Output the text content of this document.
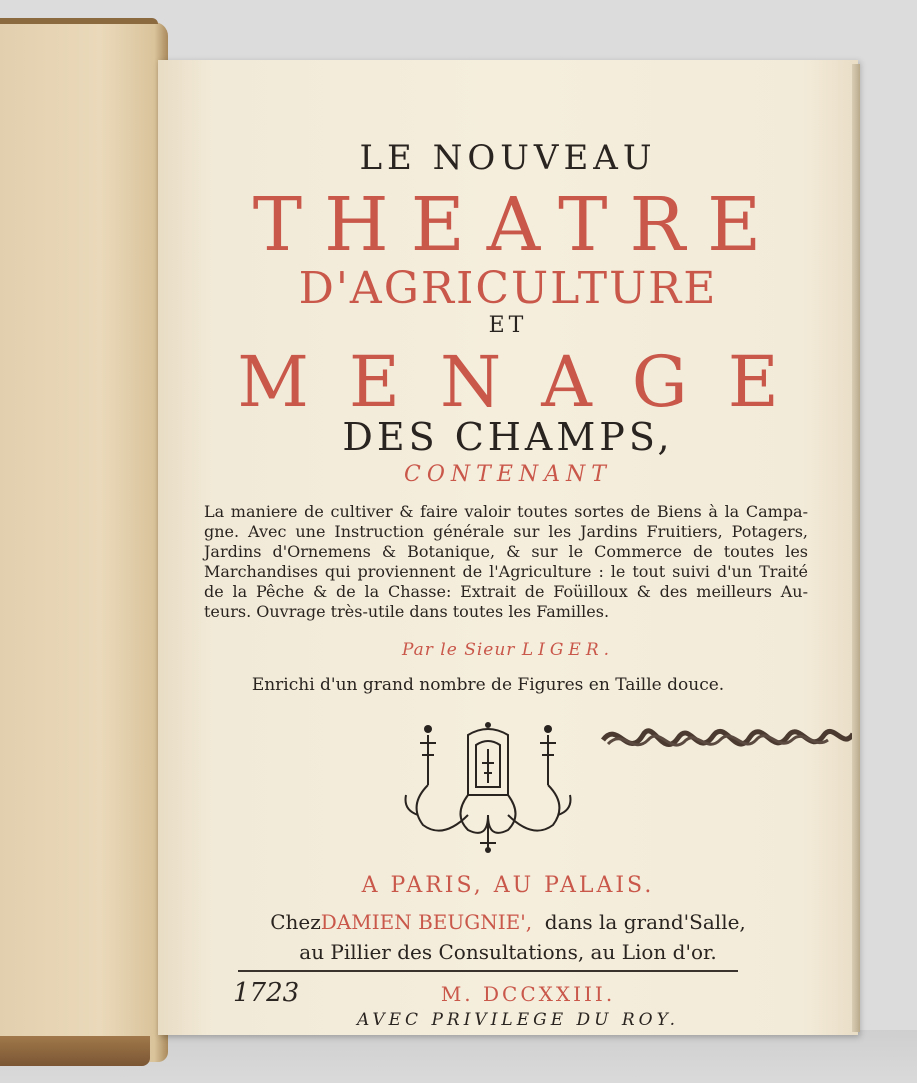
LE NOUVEAU
THEATRE
D'AGRICULTURE
ET
MENAGE
DES CHAMPS,
CONTENANT
La maniere de cultiver & faire valoir toutes sortes de Biens à la Campa-
gne. Avec une Instruction générale sur les Jardins Fruitiers, Potagers,
Jardins d'Ornemens & Botanique, & sur le Commerce de toutes les
Marchandises qui proviennent de l'Agriculture : le tout suivi d'un Traité
de la Pêche & de la Chasse: Extrait de Foüilloux & des meilleurs Au-
teurs. Ouvrage très-utile dans toutes les Familles.
Par le Sieur LIGER.
Enrichi d'un grand nombre de Figures en Taille douce.
A PARIS, AU PALAIS.
ChezDAMIEN BEUGNIE', dans la grand'Salle,
au Pillier des Consultations, au Lion d'or.
1723	M. DCCXXIII.
AVEC PRIVILEGE DU ROY.
